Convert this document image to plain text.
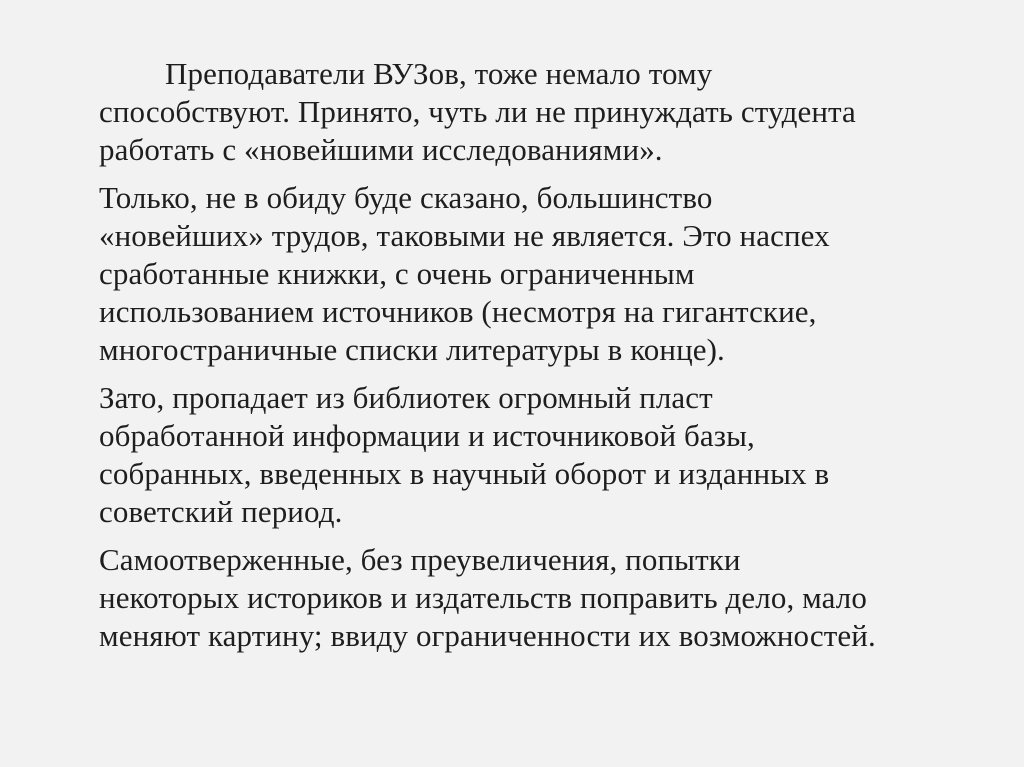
Преподаватели ВУЗов, тоже немало тому
способствуют. Принято, чуть ли не принуждать студента
работать с «новейшими исследованиями».

Только, не в обиду буде сказано, большинство
«новейших» трудов, таковыми не является. Это наспех
сработанные книжки, с очень ограниченным
использованием источников (несмотря на гигантские,
многостраничные списки литературы в конце).

Зато, пропадает из библиотек огромный пласт
обработанной информации и источниковой базы,
собранных, введенных в научный оборот и изданных в
советский период.

Самоотверженные, без преувеличения, попытки
некоторых историков и издательств поправить дело, мало
меняют картину; ввиду ограниченности их возможностей.
